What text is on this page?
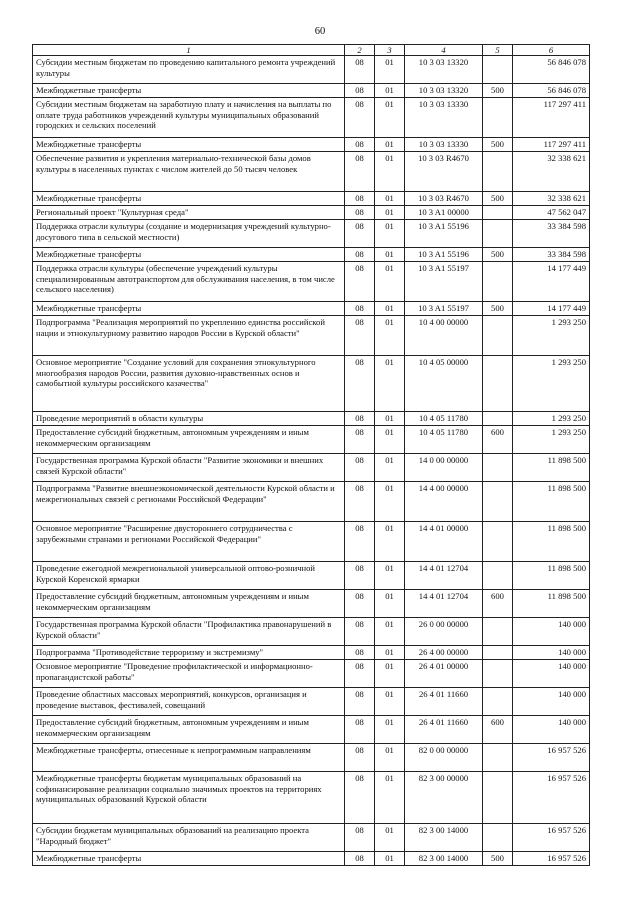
60
1	2	3	4	5	6
Субсидии местным бюджетам по проведению капитального ремонта учреждений культуры	08	01	10 3 03 13320		56 846 078
Межбюджетные трансферты	08	01	10 3 03 13320	500	56 846 078
Субсидии местным бюджетам на заработную плату и начисления на выплаты по оплате труда работников учреждений культуры муниципальных образований городских и сельских поселений	08	01	10 3 03 13330		117 297 411
Межбюджетные трансферты	08	01	10 3 03 13330	500	117 297 411
Обеспечение развития и укрепления материально-технической базы домов культуры в населенных пунктах с числом жителей до 50 тысяч человек	08	01	10 3 03 R4670		32 338 621
Межбюджетные трансферты	08	01	10 3 03 R4670	500	32 338 621
Региональный проект "Культурная среда"	08	01	10 3 A1 00000		47 562 047
Поддержка отрасли культуры (создание и модернизация учреждений культурно-досугового типа в сельской местности)	08	01	10 3 A1 55196		33 384 598
Межбюджетные трансферты	08	01	10 3 A1 55196	500	33 384 598
Поддержка отрасли культуры (обеспечение учреждений культуры специализированным автотранспортом для обслуживания населения, в том числе сельского населения)	08	01	10 3 A1 55197		14 177 449
Межбюджетные трансферты	08	01	10 3 A1 55197	500	14 177 449
Подпрограмма "Реализация мероприятий по укреплению единства российской нации и этнокультурному развитию народов России в Курской области"	08	01	10 4 00 00000		1 293 250
Основное мероприятие "Создание условий для сохранения этнокультурного многообразия народов России, развития духовно-нравственных основ и самобытной культуры российского казачества"	08	01	10 4 05 00000		1 293 250
Проведение мероприятий в области культуры	08	01	10 4 05 11780		1 293 250
Предоставление субсидий бюджетным, автономным учреждениям и иным некоммерческим организациям	08	01	10 4 05 11780	600	1 293 250
Государственная программа Курской области "Развитие экономики и внешних связей Курской области"	08	01	14 0 00 00000		11 898 500
Подпрограмма "Развитие внешнеэкономической деятельности Курской области и межрегиональных связей с регионами Российской Федерации"	08	01	14 4 00 00000		11 898 500
Основное мероприятие "Расширение двустороннего сотрудничества с зарубежными странами и регионами Российской Федерации"	08	01	14 4 01 00000		11 898 500
Проведение ежегодной межрегиональной универсальной оптово-розничной Курской Коренской ярмарки	08	01	14 4 01 12704		11 898 500
Предоставление субсидий бюджетным, автономным учреждениям и иным некоммерческим организациям	08	01	14 4 01 12704	600	11 898 500
Государственная программа Курской области "Профилактика правонарушений в Курской области"	08	01	26 0 00 00000		140 000
Подпрограмма "Противодействие терроризму и экстремизму"	08	01	26 4 00 00000		140 000
Основное мероприятие "Проведение профилактической и информационно-пропагандистской работы"	08	01	26 4 01 00000		140 000
Проведение областных массовых мероприятий, конкурсов, организация и проведение выставок, фестивалей, совещаний	08	01	26 4 01 11660		140 000
Предоставление субсидий бюджетным, автономным учреждениям и иным некоммерческим организациям	08	01	26 4 01 11660	600	140 000
Межбюджетные трансферты, отнесенные к непрограммным направлениям	08	01	82 0 00 00000		16 957 526
Межбюджетные трансферты бюджетам муниципальных образований на софинансирование реализации социально значимых проектов на территориях муниципальных образований Курской области	08	01	82 3 00 00000		16 957 526
Субсидии бюджетам муниципальных образований на реализацию проекта "Народный бюджет"	08	01	82 3 00 14000		16 957 526
Межбюджетные трансферты	08	01	82 3 00 14000	500	16 957 526
